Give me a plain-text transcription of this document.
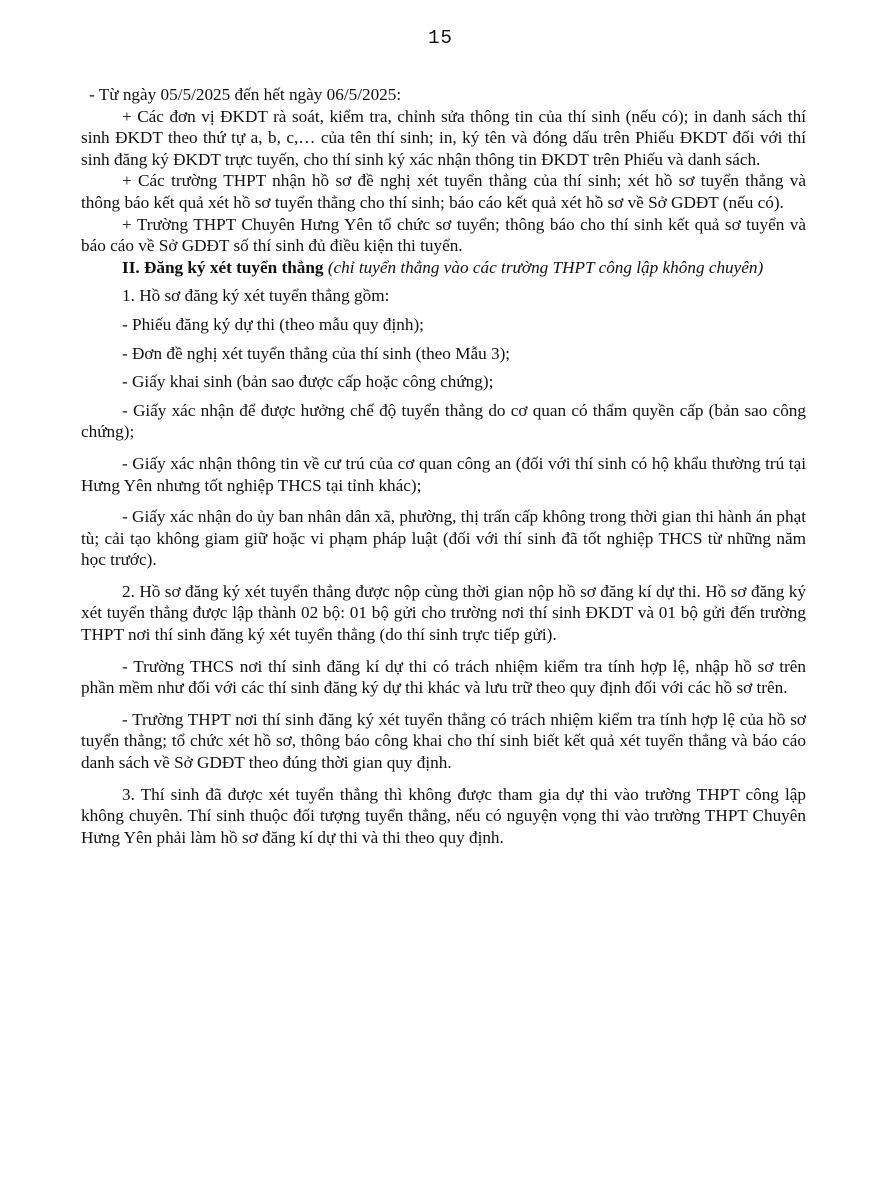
15

- Từ ngày 05/5/2025 đến hết ngày 06/5/2025:

+ Các đơn vị ĐKDT rà soát, kiểm tra, chỉnh sửa thông tin của thí sinh (nếu có); in danh sách thí sinh ĐKDT theo thứ tự a, b, c,… của tên thí sinh; in, ký tên và đóng dấu trên Phiếu ĐKDT đối với thí sinh đăng ký ĐKDT trực tuyến, cho thí sinh ký xác nhận thông tin ĐKDT trên Phiếu và danh sách.

+ Các trường THPT nhận hồ sơ đề nghị xét tuyển thẳng của thí sinh; xét hồ sơ tuyển thẳng và thông báo kết quả xét hồ sơ tuyển thẳng cho thí sinh; báo cáo kết quả xét hồ sơ về Sở GDĐT (nếu có).

+ Trường THPT Chuyên Hưng Yên tổ chức sơ tuyển; thông báo cho thí sinh kết quả sơ tuyển và báo cáo về Sở GDĐT số thí sinh đủ điều kiện thi tuyển.

II. Đăng ký xét tuyển thẳng (chỉ tuyển thẳng vào các trường THPT công lập không chuyên)

1. Hồ sơ đăng ký xét tuyển thẳng gồm:

- Phiếu đăng ký dự thi (theo mẫu quy định);

- Đơn đề nghị xét tuyển thẳng của thí sinh (theo Mẫu 3);

- Giấy khai sinh (bản sao được cấp hoặc công chứng);

- Giấy xác nhận để được hưởng chế độ tuyển thẳng do cơ quan có thẩm quyền cấp (bản sao công chứng);

- Giấy xác nhận thông tin về cư trú của cơ quan công an (đối với thí sinh có hộ khẩu thường trú tại Hưng Yên nhưng tốt nghiệp THCS tại tỉnh khác);

- Giấy xác nhận do ủy ban nhân dân xã, phường, thị trấn cấp không trong thời gian thi hành án phạt tù; cải tạo không giam giữ hoặc vi phạm pháp luật (đối với thí sinh đã tốt nghiệp THCS từ những năm học trước).

2. Hồ sơ đăng ký xét tuyển thẳng được nộp cùng thời gian nộp hồ sơ đăng kí dự thi. Hồ sơ đăng ký xét tuyển thẳng được lập thành 02 bộ: 01 bộ gửi cho trường nơi thí sinh ĐKDT và 01 bộ gửi đến trường THPT nơi thí sinh đăng ký xét tuyển thẳng (do thí sinh trực tiếp gửi).

- Trường THCS nơi thí sinh đăng kí dự thi có trách nhiệm kiểm tra tính hợp lệ, nhập hồ sơ trên phần mềm như đối với các thí sinh đăng ký dự thi khác và lưu trữ theo quy định đối với các hồ sơ trên.

- Trường THPT nơi thí sinh đăng ký xét tuyển thẳng có trách nhiệm kiểm tra tính hợp lệ của hồ sơ tuyển thẳng; tổ chức xét hồ sơ, thông báo công khai cho thí sinh biết kết quả xét tuyển thẳng và báo cáo danh sách về Sở GDĐT theo đúng thời gian quy định.

3. Thí sinh đã được xét tuyển thẳng thì không được tham gia dự thi vào trường THPT công lập không chuyên. Thí sinh thuộc đối tượng tuyển thẳng, nếu có nguyện vọng thi vào trường THPT Chuyên Hưng Yên phải làm hồ sơ đăng kí dự thi và thi theo quy định.
